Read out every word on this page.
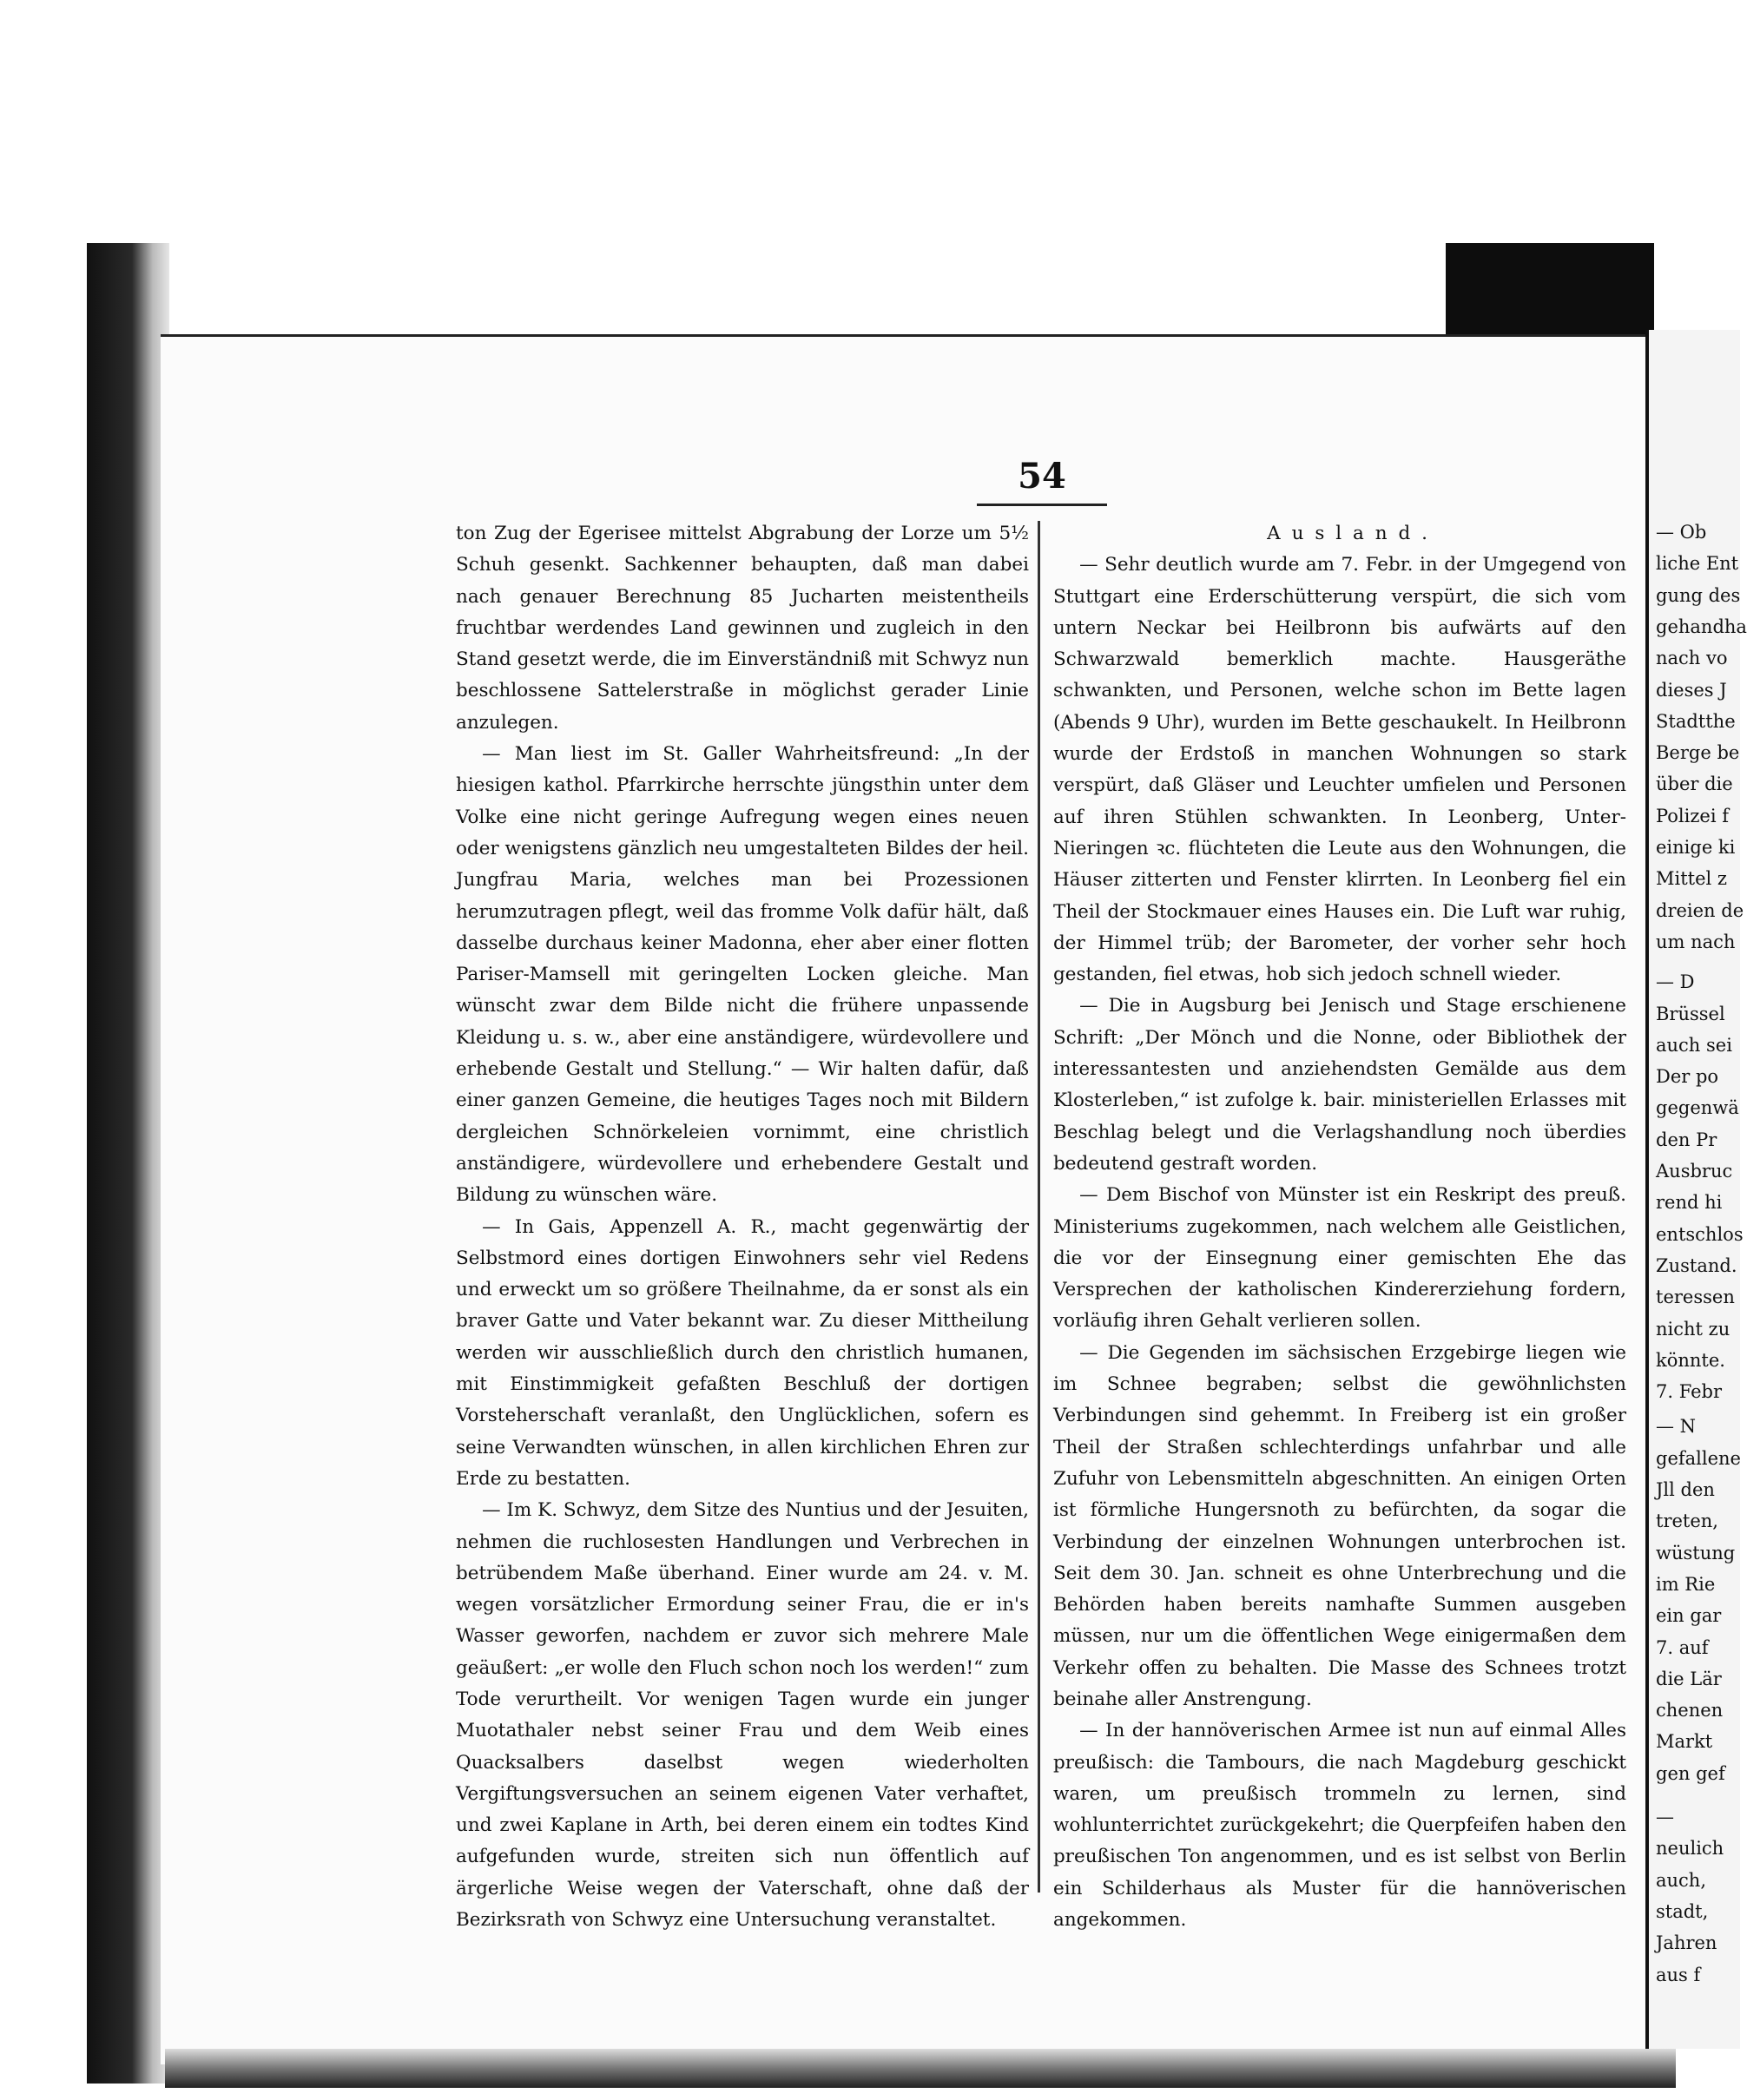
54

ton Zug der Egerisee mittelst Abgrabung der Lorze um 5½ Schuh gesenkt. Sachkenner behaupten, daß man dabei nach genauer Berechnung 85 Jucharten meistentheils fruchtbar werdendes Land gewinnen und zugleich in den Stand gesetzt werde, die im Einverständniß mit Schwyz nun beschlossene Sattelerstraße in möglichst gerader Linie anzulegen.

— Man liest im St. Galler Wahrheitsfreund: „In der hiesigen kathol. Pfarrkirche herrschte jüngsthin unter dem Volke eine nicht geringe Aufregung wegen eines neuen oder wenigstens gänzlich neu umgestalteten Bildes der heil. Jungfrau Maria, welches man bei Prozessionen herumzutragen pflegt, weil das fromme Volk dafür hält, daß dasselbe durchaus keiner Madonna, eher aber einer flotten Pariser-Mamsell mit geringelten Locken gleiche. Man wünscht zwar dem Bilde nicht die frühere unpassende Kleidung u. s. w., aber eine anständigere, würdevollere und erhebende Gestalt und Stellung.“ — Wir halten dafür, daß einer ganzen Gemeine, die heutiges Tages noch mit Bildern dergleichen Schnörkeleien vornimmt, eine christlich anständigere, würdevollere und erhebendere Gestalt und Bildung zu wünschen wäre.

— In Gais, Appenzell A. R., macht gegenwärtig der Selbstmord eines dortigen Einwohners sehr viel Redens und erweckt um so größere Theilnahme, da er sonst als ein braver Gatte und Vater bekannt war. Zu dieser Mittheilung werden wir ausschließlich durch den christlich humanen, mit Einstimmigkeit gefaßten Beschluß der dortigen Vorsteherschaft veranlaßt, den Unglücklichen, sofern es seine Verwandten wünschen, in allen kirchlichen Ehren zur Erde zu bestatten.

— Im K. Schwyz, dem Sitze des Nuntius und der Jesuiten, nehmen die ruchlosesten Handlungen und Verbrechen in betrübendem Maße überhand. Einer wurde am 24. v. M. wegen vorsätzlicher Ermordung seiner Frau, die er in's Wasser geworfen, nachdem er zuvor sich mehrere Male geäußert: „er wolle den Fluch schon noch los werden!“ zum Tode verurtheilt. Vor wenigen Tagen wurde ein junger Muotathaler nebst seiner Frau und dem Weib eines Quacksalbers daselbst wegen wiederholten Vergiftungsversuchen an seinem eigenen Vater verhaftet, und zwei Kaplane in Arth, bei deren einem ein todtes Kind aufgefunden wurde, streiten sich nun öffentlich auf ärgerliche Weise wegen der Vaterschaft, ohne daß der Bezirksrath von Schwyz eine Untersuchung veranstaltet.

Ausland.

— Sehr deutlich wurde am 7. Febr. in der Umgegend von Stuttgart eine Erderschütterung verspürt, die sich vom untern Neckar bei Heilbronn bis aufwärts auf den Schwarzwald bemerklich machte. Hausgeräthe schwankten, und Personen, welche schon im Bette lagen (Abends 9 Uhr), wurden im Bette geschaukelt. In Heilbronn wurde der Erdstoß in manchen Wohnungen so stark verspürt, daß Gläser und Leuchter umfielen und Personen auf ihren Stühlen schwankten. In Leonberg, Unter-Nieringen ꝛc. flüchteten die Leute aus den Wohnungen, die Häuser zitterten und Fenster klirrten. In Leonberg fiel ein Theil der Stockmauer eines Hauses ein. Die Luft war ruhig, der Himmel trüb; der Barometer, der vorher sehr hoch gestanden, fiel etwas, hob sich jedoch schnell wieder.

— Die in Augsburg bei Jenisch und Stage erschienene Schrift: „Der Mönch und die Nonne, oder Bibliothek der interessantesten und anziehendsten Gemälde aus dem Klosterleben,“ ist zufolge k. bair. ministeriellen Erlasses mit Beschlag belegt und die Verlagshandlung noch überdies bedeutend gestraft worden.

— Dem Bischof von Münster ist ein Reskript des preuß. Ministeriums zugekommen, nach welchem alle Geistlichen, die vor der Einsegnung einer gemischten Ehe das Versprechen der katholischen Kindererziehung fordern, vorläufig ihren Gehalt verlieren sollen.

— Die Gegenden im sächsischen Erzgebirge liegen wie im Schnee begraben; selbst die gewöhnlichsten Verbindungen sind gehemmt. In Freiberg ist ein großer Theil der Straßen schlechterdings unfahrbar und alle Zufuhr von Lebensmitteln abgeschnitten. An einigen Orten ist förmliche Hungersnoth zu befürchten, da sogar die Verbindung der einzelnen Wohnungen unterbrochen ist. Seit dem 30. Jan. schneit es ohne Unterbrechung und die Behörden haben bereits namhafte Summen ausgeben müssen, nur um die öffentlichen Wege einigermaßen dem Verkehr offen zu behalten. Die Masse des Schnees trotzt beinahe aller Anstrengung.

— In der hannöverischen Armee ist nun auf einmal Alles preußisch: die Tambours, die nach Magdeburg geschickt waren, um preußisch trommeln zu lernen, sind wohlunterrichtet zurückgekehrt; die Querpfeifen haben den preußischen Ton angenommen, und es ist selbst von Berlin ein Schilderhaus als Muster für die hannöverischen angekommen.

— Ob
liche Ent
gung des
gehandha
nach vo
dieses J
Stadtthe
Berge be
über die
Polizei f
einige ki
Mittel z
dreien de
um nach
— D
Brüssel
auch sei
Der po
gegenwä
den Pr
Ausbruc
rend hi
entschlos
Zustand.
teressen
nicht zu
könnte.
7. Febr
— N
gefallene
Jll den
treten,
wüstung
im Rie
ein gar
7. auf
die Lär
chenen
Markt
gen gef
—
neulich
auch,
stadt,
Jahren
aus f
